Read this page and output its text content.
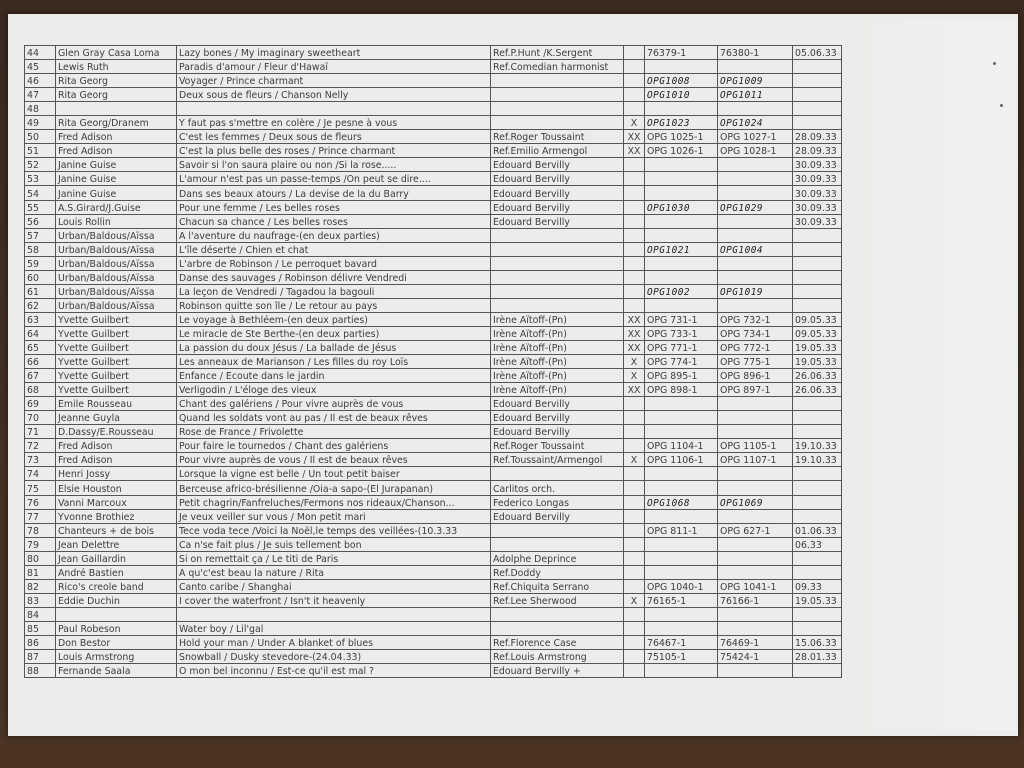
44	Glen Gray Casa Loma	Lazy bones / My imaginary sweetheart	Ref.P.Hunt /K.Sergent		76379-1	76380-1	05.06.33
45	Lewis Ruth	Paradis d'amour / Fleur d'Hawaï	Ref.Comedian harmonist				
46	Rita Georg	Voyager / Prince charmant			OPG1008	OPG1009	
47	Rita Georg	Deux sous de fleurs / Chanson Nelly			OPG1010	OPG1011	
48							
49	Rita Georg/Dranem	Y faut pas s'mettre en colère / Je pesne à vous		X	OPG1023	OPG1024	
50	Fred Adison	C'est les femmes / Deux sous de fleurs	Ref.Roger Toussaint	XX	OPG 1025-1	OPG 1027-1	28.09.33
51	Fred Adison	C'est la plus belle des roses / Prince charmant	Ref.Emilio Armengol	XX	OPG 1026-1	OPG 1028-1	28.09.33
52	Janine Guise	Savoir si l'on saura plaire ou non /Si la rose.....	Edouard Bervilly				30.09.33
53	Janine Guise	L'amour n'est pas un passe-temps /On peut se dire....	Edouard Bervilly				30.09.33
54	Janine Guise	Dans ses beaux atours / La devise de la du Barry	Edouard Bervilly				30.09.33
55	A.S.Girard/J.Guise	Pour une femme / Les belles roses	Edouard Bervilly		OPG1030	OPG1029	30.09.33
56	Louis Rollin	Chacun sa chance / Les belles roses	Edouard Bervilly				30.09.33
57	Urban/Baldous/Aïssa	A l'aventure du naufrage-(en deux parties)					
58	Urban/Baldous/Aïssa	L'île déserte / Chien et chat			OPG1021	OPG1004	
59	Urban/Baldous/Aïssa	L'arbre de Robinson / Le perroquet bavard					
60	Urban/Baldous/Aïssa	Danse des sauvages / Robinson délivre Vendredi					
61	Urban/Baldous/Aïssa	La leçon de Vendredi / Tagadou la bagouli			OPG1002	OPG1019	
62	Urban/Baldous/Aïssa	Robinson quitte son île / Le retour au pays					
63	Yvette Guilbert	Le voyage à Bethléem-(en deux parties)	Irène Aïtoff-(Pn)	XX	OPG 731-1	OPG 732-1	09.05.33
64	Yvette Guilbert	Le miracle de Ste Berthe-(en deux parties)	Irène Aïtoff-(Pn)	XX	OPG 733-1	OPG 734-1	09.05.33
65	Yvette Guilbert	La passion du doux Jésus / La ballade de Jésus	Irène Aïtoff-(Pn)	XX	OPG 771-1	OPG 772-1	19.05.33
66	Yvette Guilbert	Les anneaux de Marianson / Les filles du roy Loïs	Irène Aïtoff-(Pn)	X	OPG 774-1	OPG 775-1	19.05.33
67	Yvette Guilbert	Enfance / Ecoute dans le jardin	Irène Aïtoff-(Pn)	X	OPG 895-1	OPG 896-1	26.06.33
68	Yvette Guilbert	Verligodin / L'éloge des vieux	Irène Aïtoff-(Pn)	XX	OPG 898-1	OPG 897-1	26.06.33
69	Emile Rousseau	Chant des galériens / Pour vivre auprès de vous	Edouard Bervilly				
70	Jeanne Guyla	Quand les soldats vont au pas / Il est de beaux rêves	Edouard Bervilly				
71	D.Dassy/E.Rousseau	Rose de France / Frivolette	Edouard Bervilly				
72	Fred Adison	Pour faire le tournedos / Chant des galériens	Ref.Roger Toussaint		OPG 1104-1	OPG 1105-1	19.10.33
73	Fred Adison	Pour vivre auprès de vous / Il est de beaux rêves	Ref.Toussaint/Armengol	X	OPG 1106-1	OPG 1107-1	19.10.33
74	Henri Jossy	Lorsque la vigne est belle / Un tout petit baiser					
75	Elsie Houston	Berceuse africo-brésilienne /Oia-a sapo-(El Jurapanan)	Carlitos orch.				
76	Vanni Marcoux	Petit chagrin/Fanfreluches/Fermons nos rideaux/Chanson...	Federico Longas		OPG1068	OPG1069	
77	Yvonne Brothiez	Je veux veiller sur vous / Mon petit mari	Edouard Bervilly				
78	Chanteurs + de bois	Tece voda tece /Voici la Noël,le temps des veillées-(10.3.33			OPG 811-1	OPG 627-1	01.06.33
79	Jean Delettre	Ca n'se fait plus / Je suis tellement bon					06.33
80	Jean Gaillardin	Si on remettait ça / Le titi de Paris	Adolphe Deprince				
81	André Bastien	A qu'c'est beau la nature / Rita	Ref.Doddy				
82	Rico's creole band	Canto caribe / Shanghai	Ref.Chiquita Serrano		OPG 1040-1	OPG 1041-1	09.33
83	Eddie Duchin	I cover the waterfront / Isn't it heavenly	Ref.Lee Sherwood	X	76165-1	76166-1	19.05.33
84							
85	Paul Robeson	Water boy / Lil'gal					
86	Don Bestor	Hold your man / Under A blanket of blues	Ref.Florence Case		76467-1	76469-1	15.06.33
87	Louis Armstrong	Snowball / Dusky stevedore-(24.04.33)	Ref.Louis Armstrong		75105-1	75424-1	28.01.33
88	Fernande Saala	O mon bel inconnu / Est-ce qu'il est mal ?	Edouard Bervilly +				
